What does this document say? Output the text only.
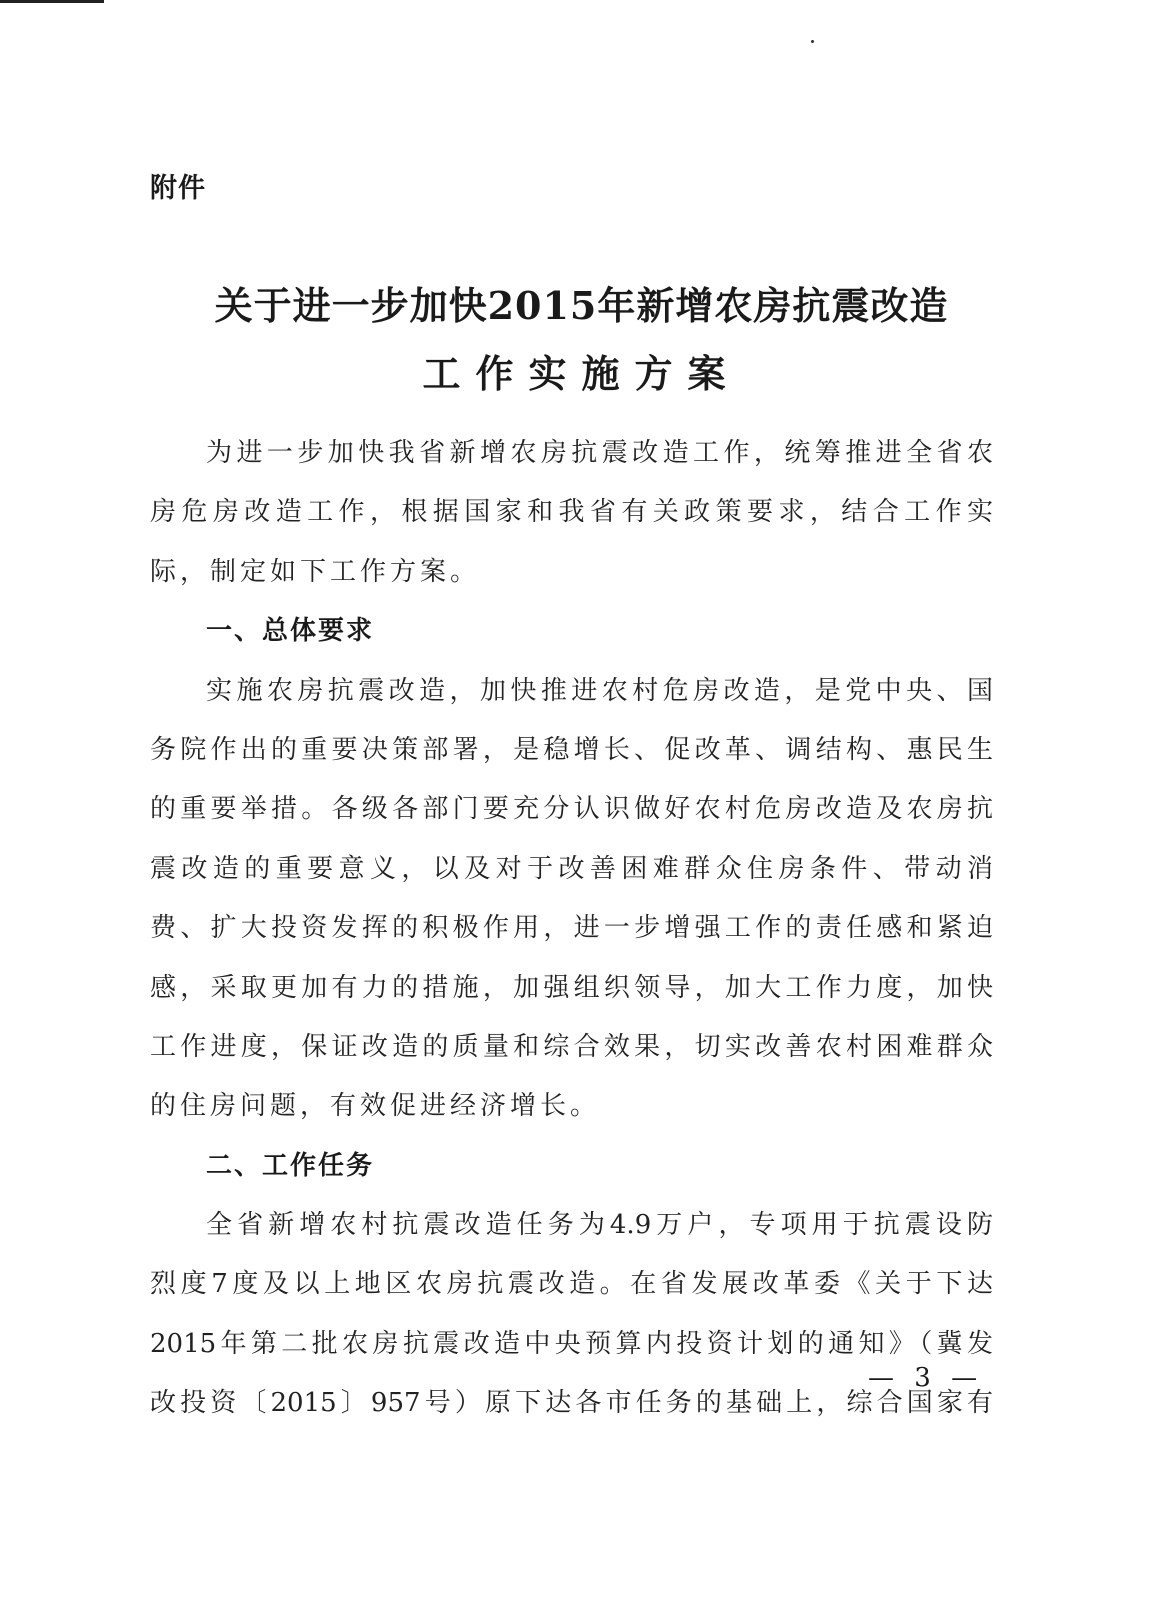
附件
关于进一步加快2015年新增农房抗震改造
工作实施方案
为进一步加快我省新增农房抗震改造工作，统筹推进全省农
房危房改造工作，根据国家和我省有关政策要求，结合工作实
际，制定如下工作方案。
一、总体要求
实施农房抗震改造，加快推进农村危房改造，是党中央、国
务院作出的重要决策部署，是稳增长、促改革、调结构、惠民生
的重要举措。各级各部门要充分认识做好农村危房改造及农房抗
震改造的重要意义，以及对于改善困难群众住房条件、带动消
费、扩大投资发挥的积极作用，进一步增强工作的责任感和紧迫
感，采取更加有力的措施，加强组织领导，加大工作力度，加快
工作进度，保证改造的质量和综合效果，切实改善农村困难群众
的住房问题，有效促进经济增长。
二、工作任务
全省新增农村抗震改造任务为4.9万户，专项用于抗震设防
烈度7度及以上地区农房抗震改造。在省发展改革委《关于下达
2015年第二批农房抗震改造中央预算内投资计划的通知》（冀发
改投资〔2015〕957号）原下达各市任务的基础上，综合国家有
— 3 —
